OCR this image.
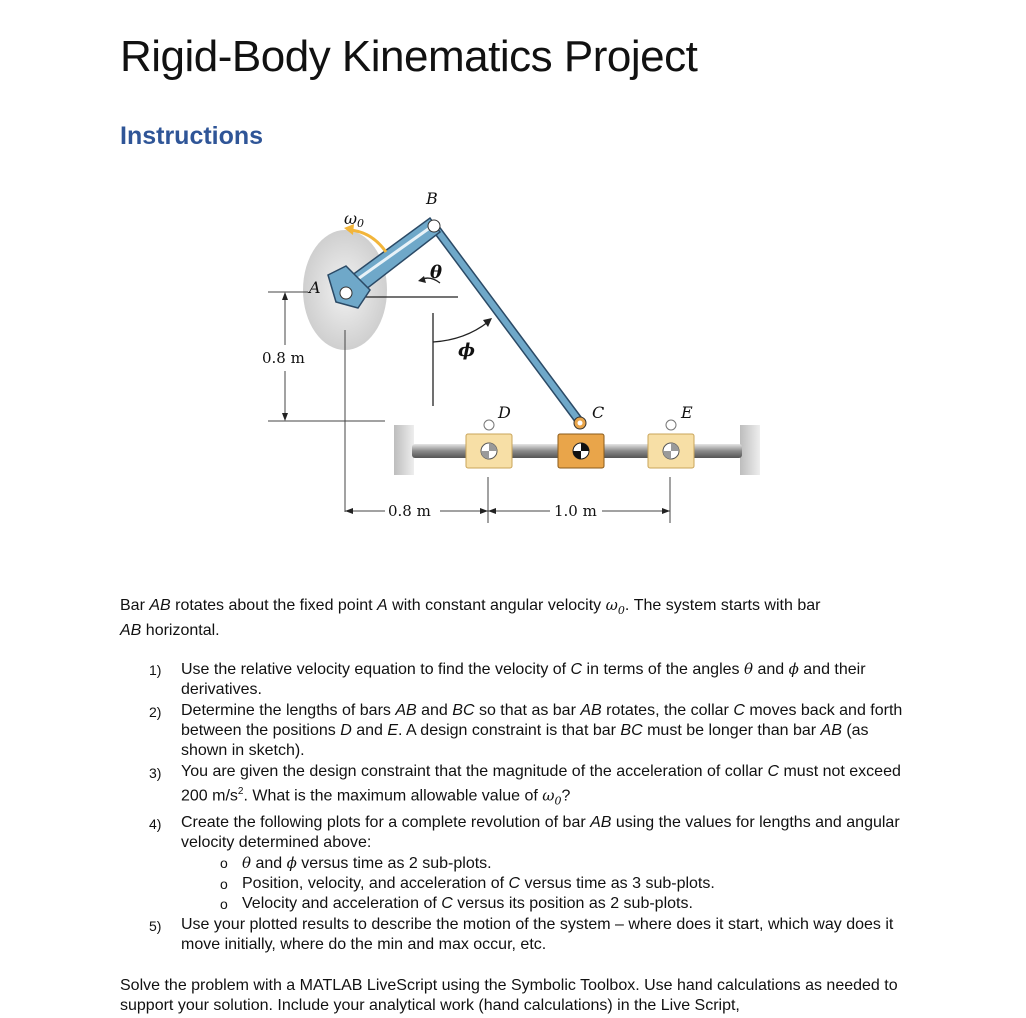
Rigid-Body Kinematics Project
Instructions
0.8 m
0.8 m	1.0 m
B
A
C
D	E
ω0
θ
ϕ

Bar AB rotates about the fixed point A with constant angular velocity $\omega_0$. The system starts with bar
AB horizontal.

1) Use the relative velocity equation to find the velocity of C in terms of the angles θ and ϕ and their derivatives.
2) Determine the lengths of bars AB and BC so that as bar AB rotates, the collar C moves back and forth between the positions D and E. A design constraint is that bar BC must be longer than bar AB (as shown in sketch).
3) You are given the design constraint that the magnitude of the acceleration of collar C must not exceed 200 $m/s^2$. What is the maximum allowable value of $\omega_0$?
4) Create the following plots for a complete revolution of bar AB using the values for lengths and angular velocity determined above:
o θ and ϕ versus time as 2 sub-plots.
o Position, velocity, and acceleration of C versus time as 3 sub-plots.
o Velocity and acceleration of C versus its position as 2 sub-plots.
5) Use your plotted results to describe the motion of the system – where does it start, which way does it move initially, where do the min and max occur, etc.

Solve the problem with a MATLAB LiveScript using the Symbolic Toolbox. Use hand calculations as needed to support your solution. Include your analytical work (hand calculations) in the Live Script,
